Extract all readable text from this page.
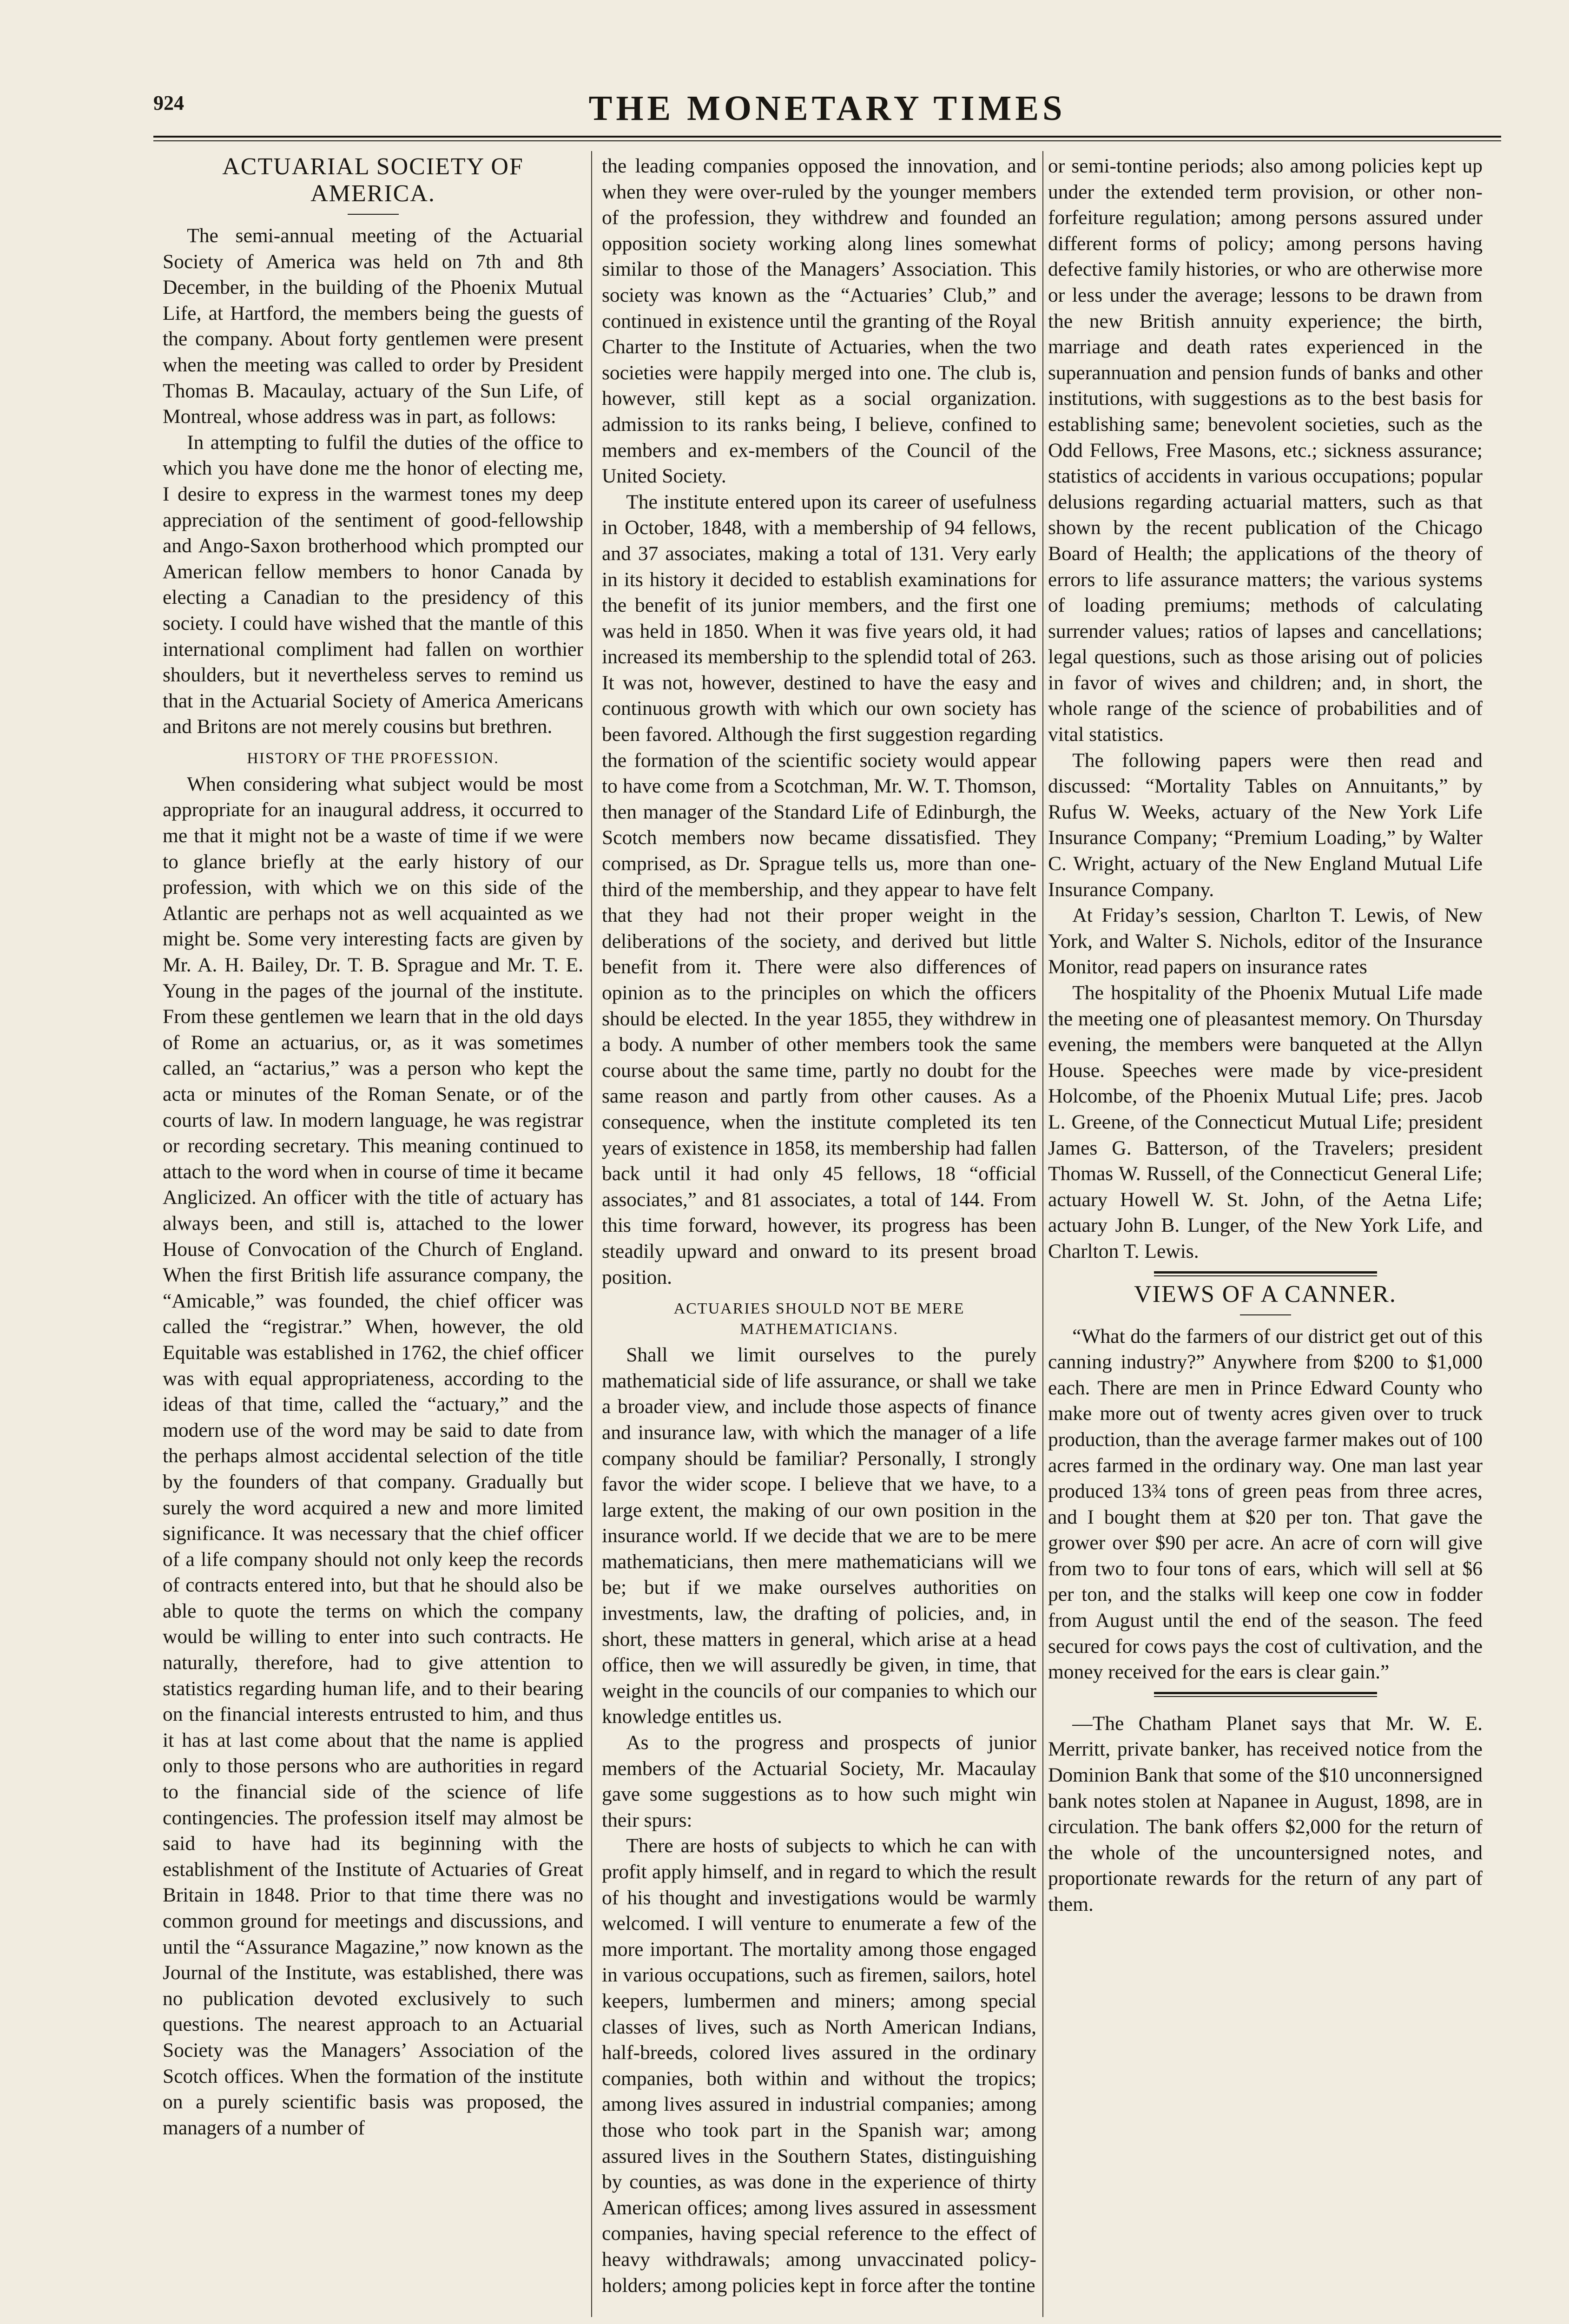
924	THE MONETARY TIMES
ACTUARIAL SOCIETY OF AMERICA.

The semi-annual meeting of the Actuarial Society of America was held on 7th and 8th December, in the building of the Phoenix Mutual Life, at Hartford, the members being the guests of the company. About forty gentlemen were present when the meeting was called to order by President Thomas B. Macaulay, actuary of the Sun Life, of Montreal, whose address was in part, as follows:

In attempting to fulfil the duties of the office to which you have done me the honor of electing me, I desire to express in the warmest tones my deep appreciation of the sentiment of good-fellowship and Ango-Saxon brotherhood which prompted our American fellow members to honor Canada by electing a Canadian to the presidency of this society. I could have wished that the mantle of this international compliment had fallen on worthier shoulders, but it nevertheless serves to remind us that in the Actuarial Society of America Americans and Britons are not merely cousins but brethren.

HISTORY OF THE PROFESSION.

When considering what subject would be most appropriate for an inaugural address, it occurred to me that it might not be a waste of time if we were to glance briefly at the early history of our profession, with which we on this side of the Atlantic are perhaps not as well acquainted as we might be. Some very interesting facts are given by Mr. A. H. Bailey, Dr. T. B. Sprague and Mr. T. E. Young in the pages of the journal of the institute. From these gentlemen we learn that in the old days of Rome an actuarius, or, as it was sometimes called, an “actarius,” was a person who kept the acta or minutes of the Roman Senate, or of the courts of law. In modern language, he was registrar or recording secretary. This meaning continued to attach to the word when in course of time it became Anglicized. An officer with the title of actuary has always been, and still is, attached to the lower House of Convocation of the Church of England. When the first British life assurance company, the “Amicable,” was founded, the chief officer was called the “registrar.” When, however, the old Equitable was established in 1762, the chief officer was with equal appropriateness, according to the ideas of that time, called the “actuary,” and the modern use of the word may be said to date from the perhaps almost accidental selection of the title by the founders of that company. Gradually but surely the word acquired a new and more limited significance. It was necessary that the chief officer of a life company should not only keep the records of contracts entered into, but that he should also be able to quote the terms on which the company would be willing to enter into such contracts. He naturally, therefore, had to give attention to statistics regarding human life, and to their bearing on the financial interests entrusted to him, and thus it has at last come about that the name is applied only to those persons who are authorities in regard to the financial side of the science of life contingencies. The profession itself may almost be said to have had its beginning with the establishment of the Institute of Actuaries of Great Britain in 1848. Prior to that time there was no common ground for meetings and discussions, and until the “Assurance Magazine,” now known as the Journal of the Institute, was established, there was no publication devoted exclusively to such questions. The nearest approach to an Actuarial Society was the Managers’ Association of the Scotch offices. When the formation of the institute on a purely scientific basis was proposed, the managers of a number of

the leading companies opposed the innovation, and when they were over-ruled by the younger members of the profession, they withdrew and founded an opposition society working along lines somewhat similar to those of the Managers’ Association. This society was known as the “Actuaries’ Club,” and continued in existence until the granting of the Royal Charter to the Institute of Actuaries, when the two societies were happily merged into one. The club is, however, still kept as a social organization. admission to its ranks being, I believe, confined to members and ex-members of the Council of the United Society.

The institute entered upon its career of usefulness in October, 1848, with a membership of 94 fellows, and 37 associates, making a total of 131. Very early in its history it decided to establish examinations for the benefit of its junior members, and the first one was held in 1850. When it was five years old, it had increased its membership to the splendid total of 263. It was not, however, destined to have the easy and continuous growth with which our own society has been favored. Although the first suggestion regarding the formation of the scientific society would appear to have come from a Scotchman, Mr. W. T. Thomson, then manager of the Standard Life of Edinburgh, the Scotch members now became dissatisfied. They comprised, as Dr. Sprague tells us, more than one-third of the membership, and they appear to have felt that they had not their proper weight in the deliberations of the society, and derived but little benefit from it. There were also differences of opinion as to the principles on which the officers should be elected. In the year 1855, they withdrew in a body. A number of other members took the same course about the same time, partly no doubt for the same reason and partly from other causes. As a consequence, when the institute completed its ten years of existence in 1858, its membership had fallen back until it had only 45 fellows, 18 “official associates,” and 81 associates, a total of 144. From this time forward, however, its progress has been steadily upward and onward to its present broad position.

ACTUARIES SHOULD NOT BE MERE MATHEMATICIANS.

Shall we limit ourselves to the purely mathematicial side of life assurance, or shall we take a broader view, and include those aspects of finance and insurance law, with which the manager of a life company should be familiar? Personally, I strongly favor the wider scope. I believe that we have, to a large extent, the making of our own position in the insurance world. If we decide that we are to be mere mathematicians, then mere mathematicians will we be; but if we make ourselves authorities on investments, law, the drafting of policies, and, in short, these matters in general, which arise at a head office, then we will assuredly be given, in time, that weight in the councils of our companies to which our knowledge entitles us.

As to the progress and prospects of junior members of the Actuarial Society, Mr. Macaulay gave some suggestions as to how such might win their spurs:

There are hosts of subjects to which he can with profit apply himself, and in regard to which the result of his thought and investigations would be warmly welcomed. I will venture to enumerate a few of the more important. The mortality among those engaged in various occupations, such as firemen, sailors, hotel keepers, lumbermen and miners; among special classes of lives, such as North American Indians, half-breeds, colored lives assured in the ordinary companies, both within and without the tropics; among lives assured in industrial companies; among those who took part in the Spanish war; among assured lives in the Southern States, distinguishing by counties, as was done in the experience of thirty American offices; among lives assured in assessment companies, having special reference to the effect of heavy withdrawals; among unvaccinated policy-holders; among policies kept in force after the tontine

or semi-tontine periods; also among policies kept up under the extended term provision, or other non-forfeiture regulation; among persons assured under different forms of policy; among persons having defective family histories, or who are otherwise more or less under the average; lessons to be drawn from the new British annuity experience; the birth, marriage and death rates experienced in the superannuation and pension funds of banks and other institutions, with suggestions as to the best basis for establishing same; benevolent societies, such as the Odd Fellows, Free Masons, etc.; sickness assurance; statistics of accidents in various occupations; popular delusions regarding actuarial matters, such as that shown by the recent publication of the Chicago Board of Health; the applications of the theory of errors to life assurance matters; the various systems of loading premiums; methods of calculating surrender values; ratios of lapses and cancellations; legal questions, such as those arising out of policies in favor of wives and children; and, in short, the whole range of the science of probabilities and of vital statistics.

The following papers were then read and discussed: “Mortality Tables on Annuitants,” by Rufus W. Weeks, actuary of the New York Life Insurance Company; “Premium Loading,” by Walter C. Wright, actuary of the New England Mutual Life Insurance Company.

At Friday’s session, Charlton T. Lewis, of New York, and Walter S. Nichols, editor of the Insurance Monitor, read papers on insurance rates

The hospitality of the Phoenix Mutual Life made the meeting one of pleasantest memory. On Thursday evening, the members were banqueted at the Allyn House. Speeches were made by vice-president Holcombe, of the Phoenix Mutual Life; pres. Jacob L. Greene, of the Connecticut Mutual Life; president James G. Batterson, of the Travelers; president Thomas W. Russell, of the Connecticut General Life; actuary Howell W. St. John, of the Aetna Life; actuary John B. Lunger, of the New York Life, and Charlton T. Lewis.

VIEWS OF A CANNER.

“What do the farmers of our district get out of this canning industry?” Anywhere from $200 to $1,000 each. There are men in Prince Edward County who make more out of twenty acres given over to truck production, than the average farmer makes out of 100 acres farmed in the ordinary way. One man last year produced 13¾ tons of green peas from three acres, and I bought them at $20 per ton. That gave the grower over $90 per acre. An acre of corn will give from two to four tons of ears, which will sell at $6 per ton, and the stalks will keep one cow in fodder from August until the end of the season. The feed secured for cows pays the cost of cultivation, and the money received for the ears is clear gain.”

—The Chatham Planet says that Mr. W. E. Merritt, private banker, has received notice from the Dominion Bank that some of the $10 unconnersigned bank notes stolen at Napanee in August, 1898, are in circulation. The bank offers $2,000 for the return of the whole of the uncountersigned notes, and proportionate rewards for the return of any part of them.
